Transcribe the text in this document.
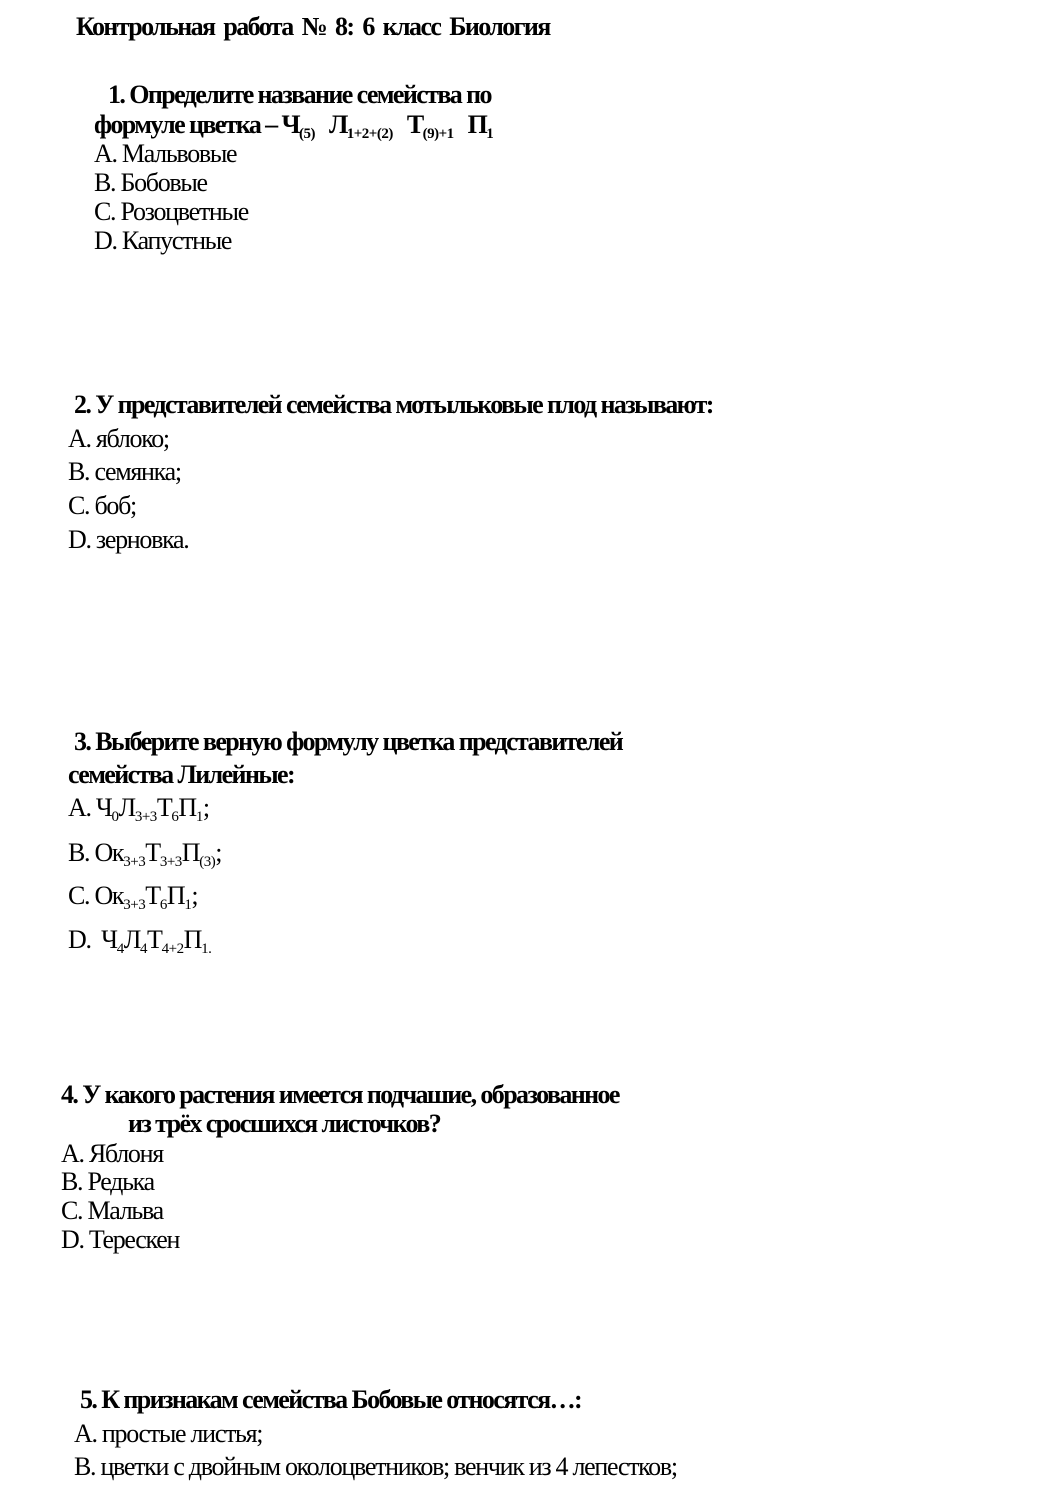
Контрольная работа № 8: 6 класс Биология
1. Определите название семейства по
формуле цветка – $Ч_{(5)}$ $Л_{1+2+(2)}$ $Т_{(9)+1}$ $П_1$
A. Мальвовые
B. Бобовые
C. Розоцветные
D. Капустные
2. У представителей семейства мотыльковые плод называют:
A. яблоко;
B. семянка;
C. боб;
D. зерновка.
3. Выберите верную формулу цветка представителей
семейства Лилейные:
A. $Ч_0Л_{3+3}Т_6П_1$;
B. $Ок_{3+3}Т_{3+3}П_{(3)}$;
C. $Ок_{3+3}Т_6П_1$;
D.  $Ч_4Л_4Т_{4+2}П_{1.}$
4. У какого растения имеется подчашие, образованное
из трёх сросшихся листочков?
A. Яблоня
B. Редька
C. Мальва
D. Терескен
5. К признакам семейства Бобовые относятся…:
A. простые листья;
B. цветки с двойным околоцветников; венчик из 4 лепестков;
